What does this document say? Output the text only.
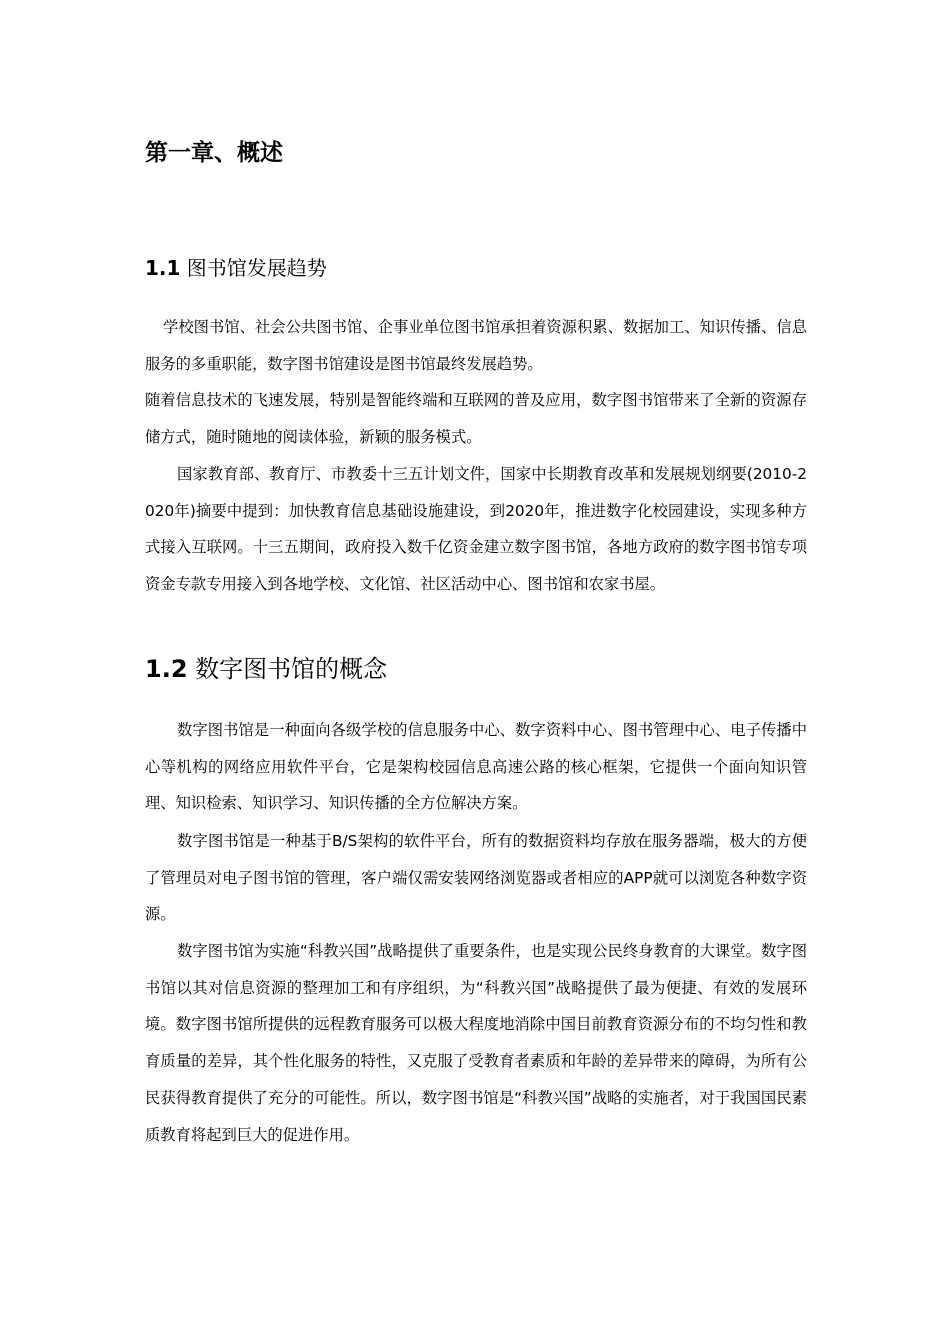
第一章、概述
1.1 图书馆发展趋势

学校图书馆、社会公共图书馆、企事业单位图书馆承担着资源积累、数据加工、知识传播、信息服务的多重职能，数字图书馆建设是图书馆最终发展趋势。

随着信息技术的飞速发展，特别是智能终端和互联网的普及应用，数字图书馆带来了全新的资源存储方式，随时随地的阅读体验，新颖的服务模式。

国家教育部、教育厅、市教委十三五计划文件，国家中长期教育改革和发展规划纲要(2010-2020年)摘要中提到：加快教育信息基础设施建设，到2020年，推进数字化校园建设，实现多种方式接入互联网。十三五期间，政府投入数千亿资金建立数字图书馆，各地方政府的数字图书馆专项资金专款专用接入到各地学校、文化馆、社区活动中心、图书馆和农家书屋。

1.2 数字图书馆的概念

数字图书馆是一种面向各级学校的信息服务中心、数字资料中心、图书管理中心、电子传播中心等机构的网络应用软件平台，它是架构校园信息高速公路的核心框架，它提供一个面向知识管理、知识检索、知识学习、知识传播的全方位解决方案。

数字图书馆是一种基于B/S架构的软件平台，所有的数据资料均存放在服务器端，极大的方便了管理员对电子图书馆的管理，客户端仅需安装网络浏览器或者相应的APP就可以浏览各种数字资源。

数字图书馆为实施“科教兴国”战略提供了重要条件，也是实现公民终身教育的大课堂。数字图书馆以其对信息资源的整理加工和有序组织，为“科教兴国”战略提供了最为便捷、有效的发展环境。数字图书馆所提供的远程教育服务可以极大程度地消除中国目前教育资源分布的不均匀性和教育质量的差异，其个性化服务的特性，又克服了受教育者素质和年龄的差异带来的障碍，为所有公民获得教育提供了充分的可能性。所以，数字图书馆是“科教兴国”战略的实施者，对于我国国民素质教育将起到巨大的促进作用。
